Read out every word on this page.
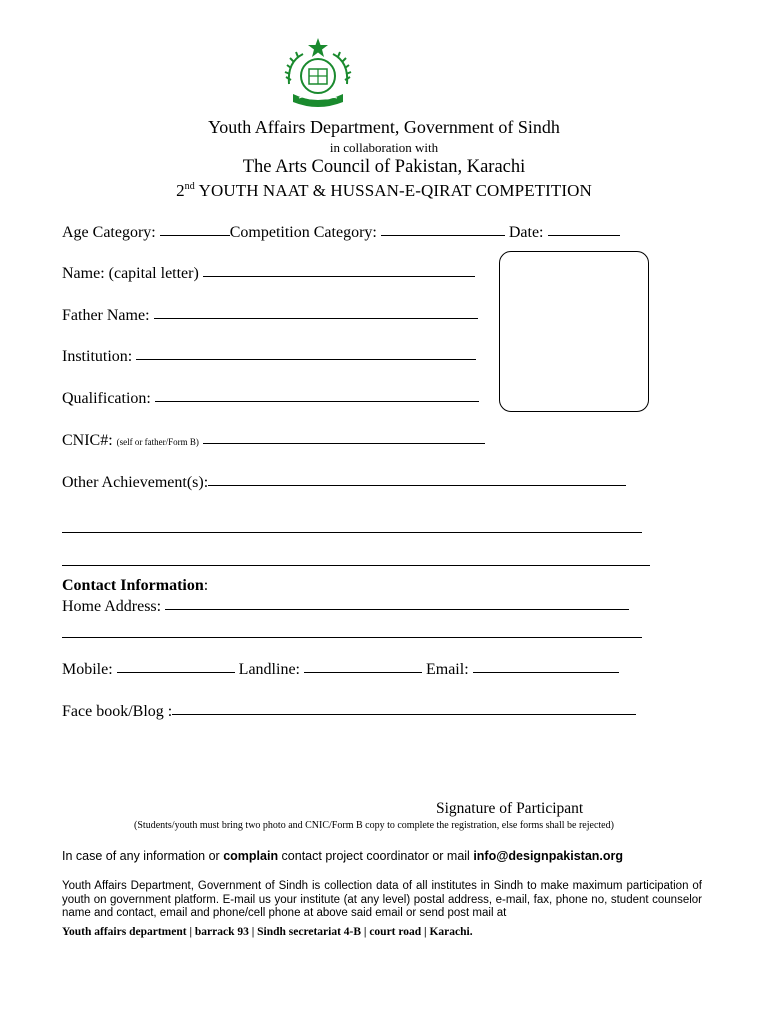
Youth Affairs Department, Government of Sindh
in collaboration with
The Arts Council of Pakistan, Karachi
2nd YOUTH NAAT & HUSSAN-E-QIRAT COMPETITION
Age Category:	Competition Category:	Date:
Name: (capital letter)
Father Name:
Institution:
Qualification:
CNIC#: (self or father/Form B)
Other Achievement(s):
Contact Information:
Home Address:
Mobile:	Landline:	Email:
Face book/Blog :
Signature of Participant
(Students/youth must bring two photo and CNIC/Form B copy to complete the registration, else forms shall be rejected)
In case of any information or complain contact project coordinator or mail info@designpakistan.org
Youth Affairs Department, Government of Sindh is collection data of all institutes in Sindh to make maximum participation of youth on government platform. E-mail us your institute (at any level) postal address, e-mail, fax, phone no, student counselor name and contact, email and phone/cell phone at above said email or send post mail at
Youth affairs department | barrack 93 | Sindh secretariat 4-B | court road | Karachi.
